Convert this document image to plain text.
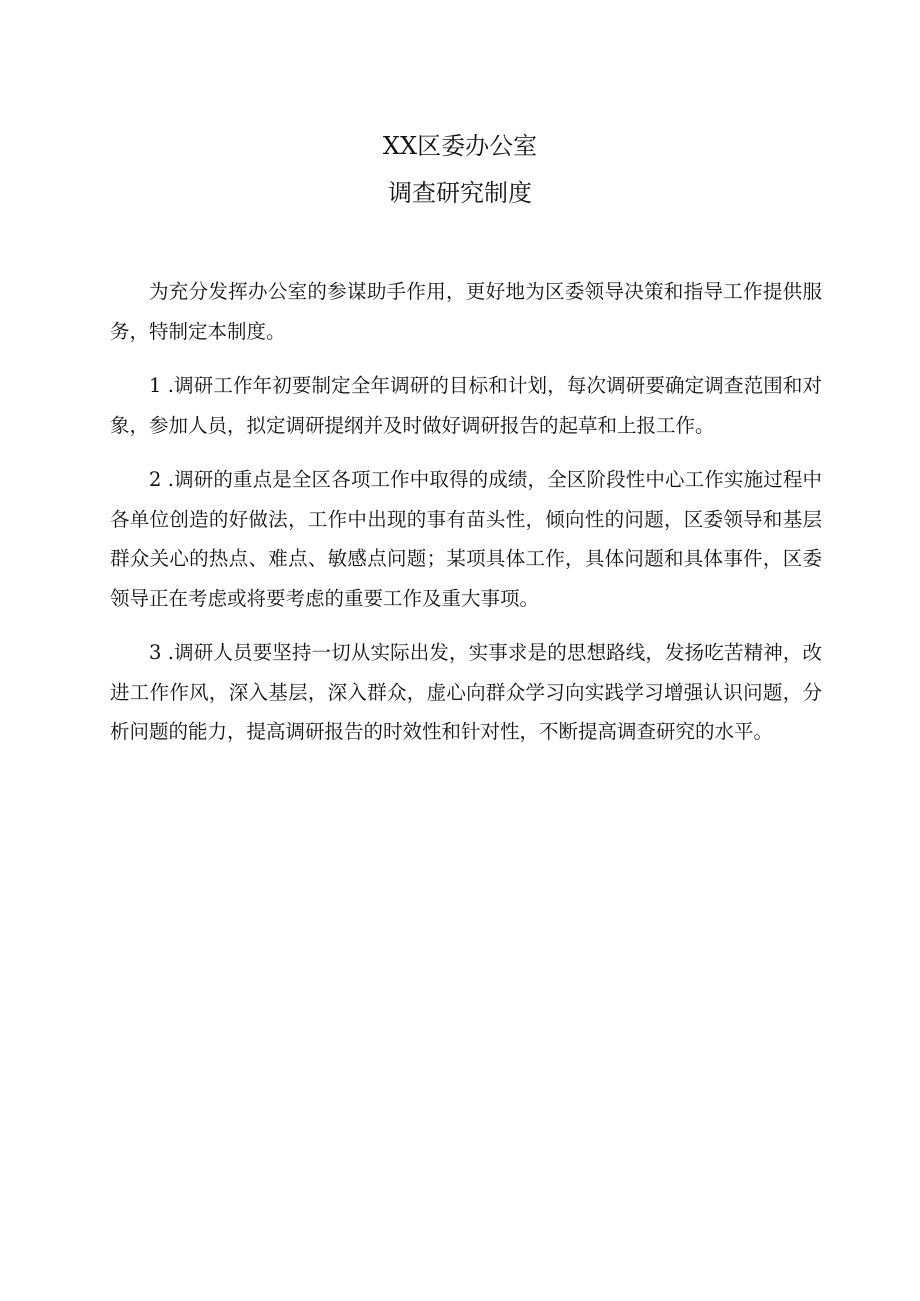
XX区委办公室
调查研究制度

为充分发挥办公室的参谋助手作用，更好地为区委领导决策和指导工作提供服务，特制定本制度。

1 .调研工作年初要制定全年调研的目标和计划，每次调研要确定调查范围和对象，参加人员，拟定调研提纲并及时做好调研报告的起草和上报工作。

2 .调研的重点是全区各项工作中取得的成绩，全区阶段性中心工作实施过程中各单位创造的好做法，工作中出现的事有苗头性，倾向性的问题，区委领导和基层群众关心的热点、难点、敏感点问题；某项具体工作，具体问题和具体事件，区委领导正在考虑或将要考虑的重要工作及重大事项。

3 .调研人员要坚持一切从实际出发，实事求是的思想路线，发扬吃苦精神，改进工作作风，深入基层，深入群众，虚心向群众学习向实践学习增强认识问题，分析问题的能力，提高调研报告的时效性和针对性，不断提高调查研究的水平。
